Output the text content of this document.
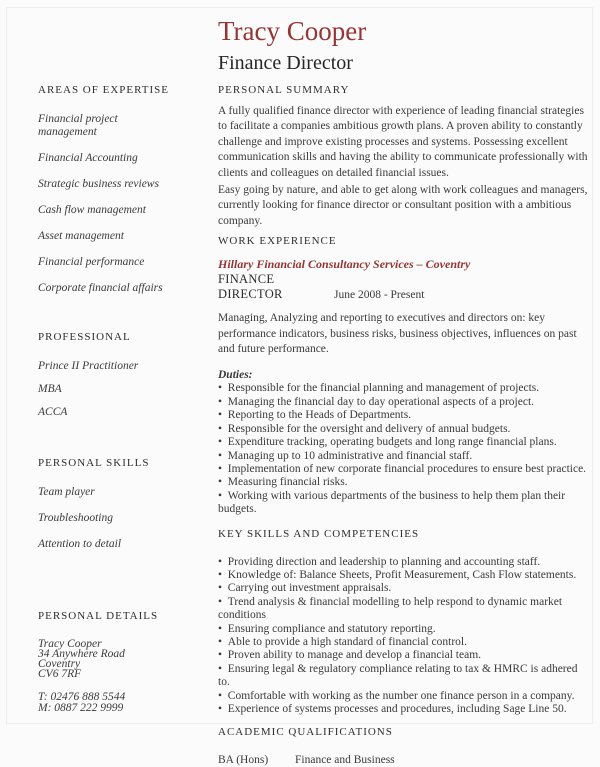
Tracy Cooper
Finance Director
AREAS OF EXPERTISE
Financial project management
Financial Accounting
Strategic business reviews
Cash flow management
Asset management
Financial performance
Corporate financial affairs
PROFESSIONAL
Prince II Practitioner
MBA
ACCA
PERSONAL SKILLS
Team player
Troubleshooting
Attention to detail
PERSONAL DETAILS
Tracy Cooper
34 Anywhere Road
Coventry
CV6 7RF
T: 02476 888 5544
M: 0887 222 9999
PERSONAL SUMMARY

A fully qualified finance director with experience of leading financial strategies to facilitate a companies ambitious growth plans. A proven ability to constantly challenge and improve existing processes and systems. Possessing excellent communication skills and having the ability to communicate professionally with clients and colleagues on detailed financial issues.

Easy going by nature, and able to get along with work colleagues and managers, currently looking for finance director or consultant position with a ambitious company.

WORK EXPERIENCE
Hillary Financial Consultancy Services – Coventry
FINANCE DIRECTOR	June 2008 - Present

Managing, Analyzing and reporting to executives and directors on: key performance indicators, business risks, business objectives, influences on past and future performance.

Duties:
•  Responsible for the financial planning and management of projects.
•  Managing the financial day to day operational aspects of a project.
•  Reporting to the Heads of Departments.
•  Responsible for the oversight and delivery of annual budgets.
•  Expenditure tracking, operating budgets and long range financial plans.
•  Managing up to 10 administrative and financial staff.
•  Implementation of new corporate financial procedures to ensure best practice.
•  Measuring financial risks.
•  Working with various departments of the business to help them plan their budgets.
KEY SKILLS AND COMPETENCIES
•  Providing direction and leadership to planning and accounting staff.
•  Knowledge of: Balance Sheets, Profit Measurement, Cash Flow statements.
•  Carrying out investment appraisals.
•  Trend analysis & financial modelling to help respond to dynamic market conditions
•  Ensuring compliance and statutory reporting.
•  Able to provide a high standard of financial control.
•  Proven ability to manage and develop a financial team.
•  Ensuring legal & regulatory compliance relating to tax & HMRC is adhered to.
•  Comfortable with working as the number one finance person in a company.
•  Experience of systems processes and procedures, including Sage Line 50.
ACADEMIC QUALIFICATIONS
BA (Hons) Finance and Business
